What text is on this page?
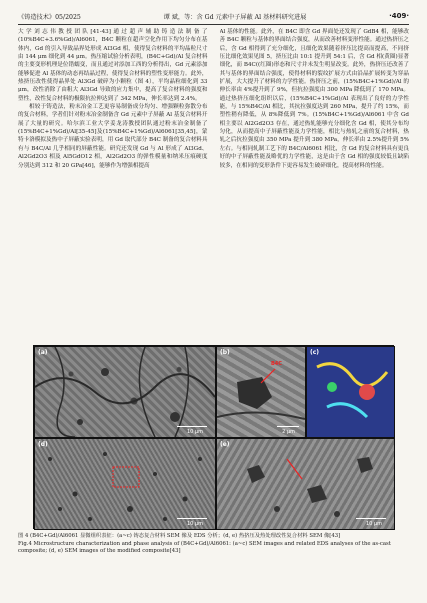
《铸造技术》05/2025	谭 斌，等：含 Gd 元素中子屏蔽 Al 基材料研究进展	·409·

大学刘志伟教授团队[41-43]通过超声辅助铸造法制备了(10%B4C+3.6%Gd)/Al6061，B4C 颗粒在超声空化作用下均匀分布在基体内，Gd 的引入导致晶界处形成 Al3Gd 相，使得复合材料的平均晶粒尺寸由 144 μm 细化到 44 μm。热压缩试验分析表明，(B4C+Gd)/Al 复合材料的主要变形机理是位错蠕变，而且通过对添加工西的分析得出，Gd 元素添加能够促进 Al 基体的动态再结晶过程，使得复合材料的塑性变形能力。此外，热挤压改性使得晶界处 Al3Gd 破碎为小颗粒（图 4），平均晶粒细化到 33 μm，改性消除了由粗大 Al3Gd 导致的应力集中，提高了复合材料的强度和塑性，改性复合材料的极限抗拉伸达到了 342 MPa，伸长率达到 2.4%。

相较于铸造法，粉末冶金工艺更容易制备成分均匀、增强颗粒弥散分布的复合材料，学者们针对粉末冶金制备含 Gd 元素中子屏蔽 Al 基复合材料开展了大量的研究。哈尔滨工业大学姜龙涛教授团队通过粉末冶金制备了(15%B4C+1%Gd)/Al[35-45]及(15%B4C+1%Gd)/Al6061[35,45]，蒙特卡洛模拟及热中子屏蔽实验表明，用 Gd 取代部分 B4C 制备的复合材料具有与 B4C/Al 几乎相同的屏蔽性能。研究还发现 Gd 与 Al 形成了 Al3Gd、Al2Gd2O3 相及 Al5GdO12 相，Al2Gd2O3 的弹性模量和纳米压痕硬度分别达到 312 和 20 GPa[46]，能够作为增强相提高

Al 基体的性能。此外，在 B4C 即含 Gd 界面处还发现了 GdB4 相，能够改善 B4C 颗粒与基体的界面结合强度，从而改善材料变形性能。通过热挤压之后，含 Gd 相得到了充分细化，且细化效果随着挤压比提高而提高，不同挤压比细化效果见图 5，挤压比由 10:1 提升到 54:1 后，含 Gd 相(黄圈)显著细化，而 B4C((红圈)形态和尺寸并未发生明显改变。此外，热挤压还改善了其与基体的界面结合强度，使得材料的裂纹扩展方式由沿晶扩展转变为穿晶扩展，大大提升了材料的力学性能。热挤压之前，(15%B4C+1%Gd)/Al 的伸长率由 4%提升到了 9%，但抗拉强度由 300 MPa 降低到了 170 MPa。通过热挤压细化组织以后，(15%B4C+1%Gd)/Al 表现出了良好的力学性能，与 15%B4C/Al 相比，其抗拉强度达到 260 MPa，提升了约 15%，而塑性稍有降低，从 8%降低到 7%。(15%B4C+1%Gd)/Al6061 中含 Gd 相主要以 Al2Gd2O3 存在，通过热轧能够充分细化含 Gd 相，使其分布均匀化，从而提高中子屏蔽性能及力学性能，相比与热轧之前的复合材料，热轧之后抗拉强度由 350 MPa 提升到 380 MPa，伸长率由 2.5%提升到 5%左右。与相同轧制工艺下的 B4C/Al6061 相比，含 Gd 的复合材料具有更良好的中子屏蔽性能及略优的力学性能，这是由于含 Gd 相的强度较低且缺陷较多，在相同的变形条件下更容易发生破碎细化，提高材料的性能。

(a)
10 μm
(b)
B4C
2 μm
(c)
(d)
10 μm
(e)
10 μm
图 4 (B4C+Gd)/Al6061 显微组织表征：(a~c) 铸态复合材料 SEM 像及 EDS 分析；(d, e) 热挤压及热处理改性复合材料 SEM 像[43]
Fig.4 Microstructure characterization and phase analysis of (B4C+Gd)/Al6061: (a~c) SEM images and related EDS analyses of the as-cast composite; (d, e) SEM images of the modified composite[43]
